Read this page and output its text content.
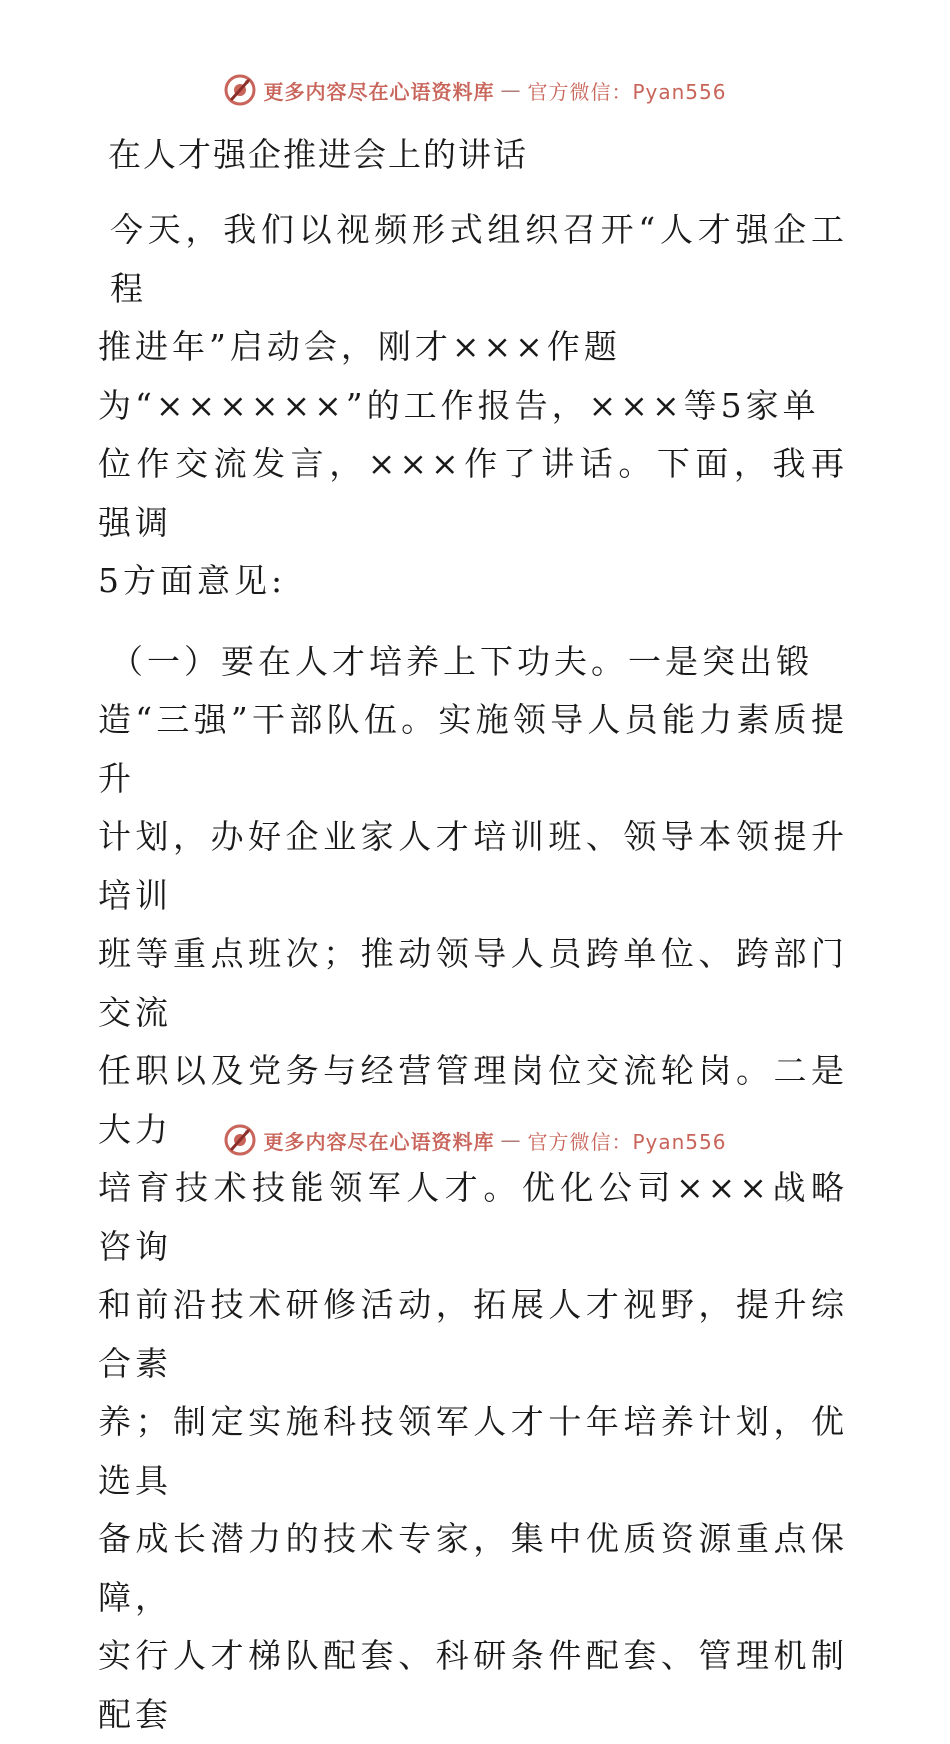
更多内容尽在心语资料库 — 官方微信：Pyan556
在人才强企推进会上的讲话

今天，我们以视频形式组织召开“人才强企工程

推进年”启动会，刚才×××作题
为“××××××”的工作报告，×××等5家单
位作交流发言，×××作了讲话。下面，我再强调
5方面意见:

（一）要在人才培养上下功夫。一是突出锻

造“三强”干部队伍。实施领导人员能力素质提升
计划，办好企业家人才培训班、领导本领提升培训
班等重点班次；推动领导人员跨单位、跨部门交流
任职以及党务与经营管理岗位交流轮岗。二是大力
培育技术技能领军人才。优化公司×××战略咨询
和前沿技术研修活动，拓展人才视野，提升综合素
养；制定实施科技领军人才十年培养计划，优选具
备成长潜力的技术专家，集中优质资源重点保障，
实行人才梯队配套、科研条件配套、管理机制配套

更多内容尽在心语资料库 — 官方微信：Pyan556
